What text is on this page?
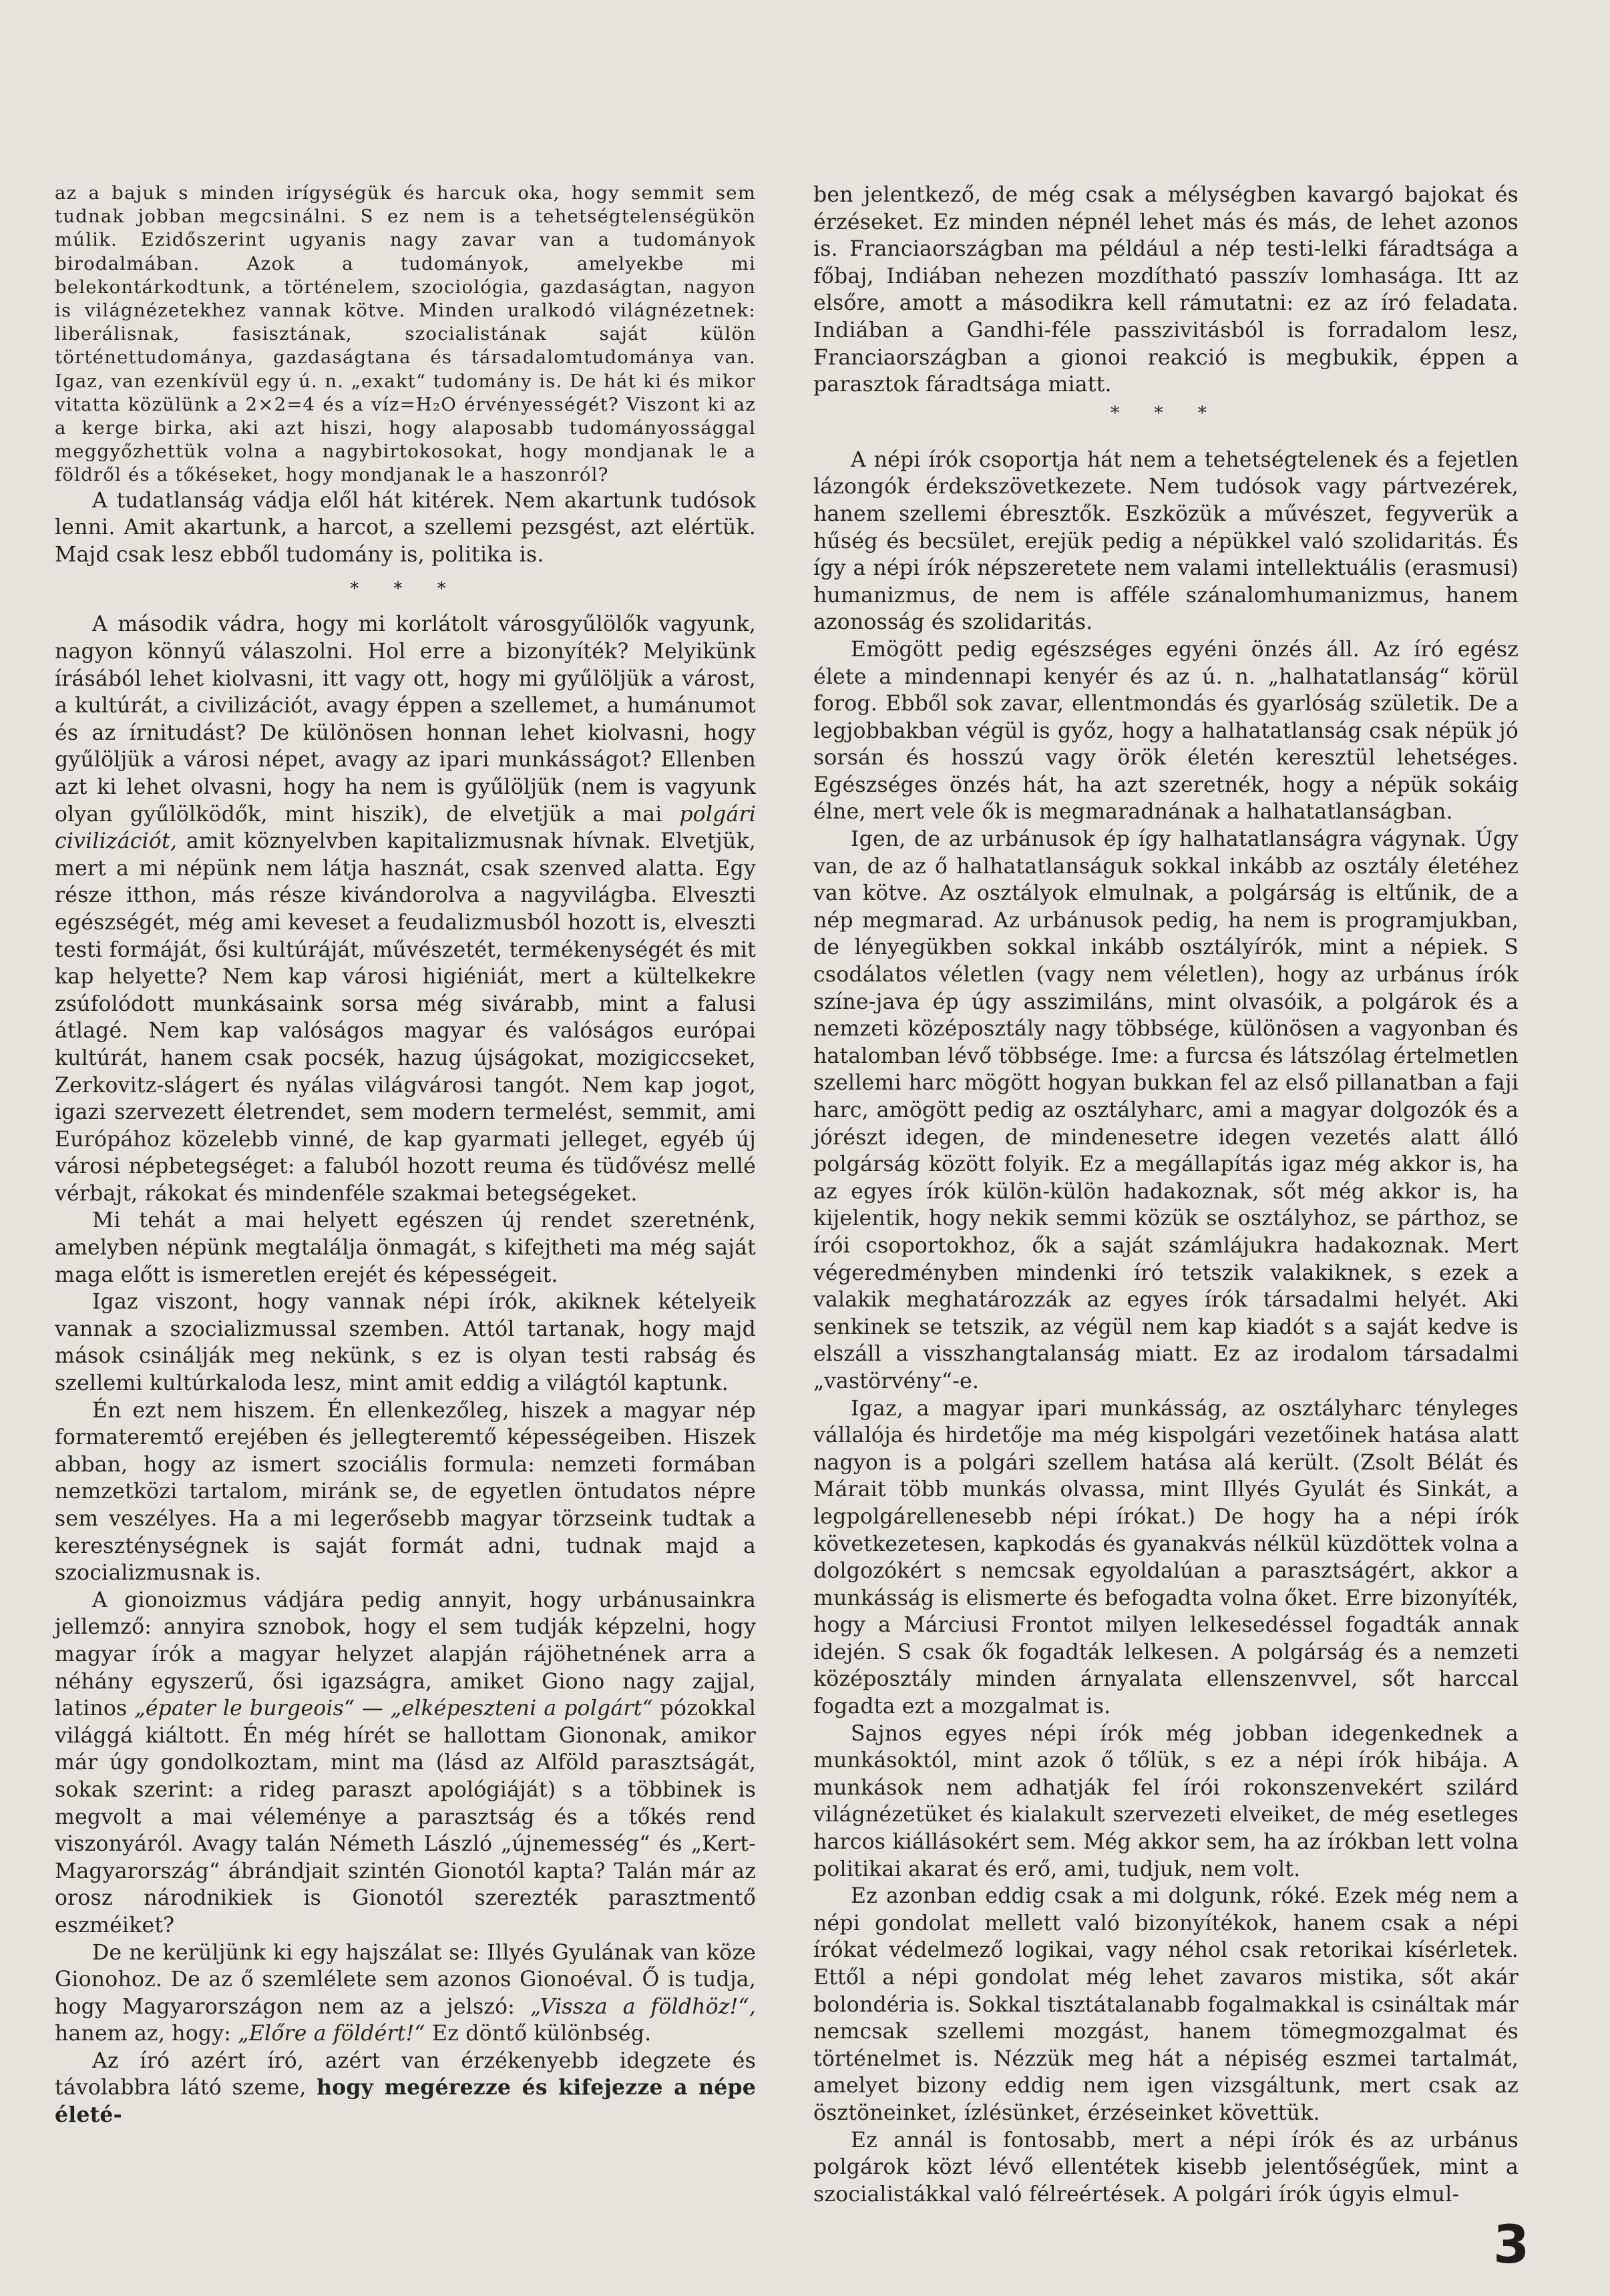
az a bajuk s minden irígységük és harcuk oka, hogy semmit sem tudnak jobban megcsinálni. S ez nem is a tehetségtelenségükön múlik. Ezidőszerint ugyanis nagy zavar van a tudományok birodalmában. Azok a tudományok, amelyekbe mi belekontárkodtunk, a történelem, szociológia, gazdaságtan, nagyon is világnézetekhez vannak kötve. Minden uralkodó világnézetnek: liberálisnak, fasisztának, szocialistának saját külön történettudománya, gazdaságtana és társadalomtudománya van. Igaz, van ezenkívül egy ú. n. „exakt“ tudomány is. De hát ki és mikor vitatta közülünk a 2×2=4 és a víz=H₂O érvényességét? Viszont ki az a kerge birka, aki azt hiszi, hogy alaposabb tudományossággal meggyőzhettük volna a nagybirtokosokat, hogy mondjanak le a földről és a tőkéseket, hogy mondjanak le a haszonról?

A tudatlanság vádja elől hát kitérek. Nem akartunk tudósok lenni. Amit akartunk, a harcot, a szellemi pezsgést, azt elértük. Majd csak lesz ebből tudomány is, politika is.

* * *

A második vádra, hogy mi korlátolt városgyűlölők vagyunk, nagyon könnyű válaszolni. Hol erre a bizonyíték? Melyikünk írásából lehet kiolvasni, itt vagy ott, hogy mi gyűlöljük a várost, a kultúrát, a civilizációt, avagy éppen a szellemet, a humánumot és az írnitudást? De különösen honnan lehet kiolvasni, hogy gyűlöljük a városi népet, avagy az ipari munkásságot? Ellenben azt ki lehet olvasni, hogy ha nem is gyűlöljük (nem is vagyunk olyan gyűlölködők, mint hiszik), de elvetjük a mai polgári civilizációt, amit köznyelvben kapitalizmusnak hívnak. Elvetjük, mert a mi népünk nem látja hasznát, csak szenved alatta. Egy része itthon, más része kivándorolva a nagyvilágba. Elveszti egészségét, még ami keveset a feudalizmusból hozott is, elveszti testi formáját, ősi kultúráját, művészetét, termékenységét és mit kap helyette? Nem kap városi higiéniát, mert a kültelkekre zsúfolódott munkásaink sorsa még sivárabb, mint a falusi átlagé. Nem kap valóságos magyar és valóságos európai kultúrát, hanem csak pocsék, hazug újságokat, mozigiccseket, Zerkovitz-slágert és nyálas világvárosi tangót. Nem kap jogot, igazi szervezett életrendet, sem modern termelést, semmit, ami Európához közelebb vinné, de kap gyarmati jelleget, egyéb új városi népbetegséget: a faluból hozott reuma és tüdővész mellé vérbajt, rákokat és mindenféle szakmai betegségeket.

Mi tehát a mai helyett egészen új rendet szeretnénk, amelyben népünk megtalálja önmagát, s kifejtheti ma még saját maga előtt is ismeretlen erejét és képességeit.

Igaz viszont, hogy vannak népi írók, akiknek kételyeik vannak a szocializmussal szemben. Attól tartanak, hogy majd mások csinálják meg nekünk, s ez is olyan testi rabság és szellemi kultúrkaloda lesz, mint amit eddig a világtól kaptunk.

Én ezt nem hiszem. Én ellenkezőleg, hiszek a magyar nép formateremtő erejében és jellegteremtő képességeiben. Hiszek abban, hogy az ismert szociális formula: nemzeti formában nemzetközi tartalom, miránk se, de egyetlen öntudatos népre sem veszélyes. Ha a mi legerősebb magyar törzseink tudtak a kereszténységnek is saját formát adni, tudnak majd a szocializmusnak is.

A gionoizmus vádjára pedig annyit, hogy urbánusainkra jellemző: annyira sznobok, hogy el sem tudják képzelni, hogy magyar írók a magyar helyzet alapján rájöhetnének arra a néhány egyszerű, ősi igazságra, amiket Giono nagy zajjal, latinos „épater le burgeois“ — „elképeszteni a polgárt“ pózokkal világgá kiáltott. Én még hírét se hallottam Giononak, amikor már úgy gondolkoztam, mint ma (lásd az Alföld parasztságát, sokak szerint: a rideg paraszt apológiáját) s a többinek is megvolt a mai véleménye a parasztság és a tőkés rend viszonyáról. Avagy talán Németh László „újnemesség“ és „Kert-Magyarország“ ábrándjait szintén Gionotól kapta? Talán már az orosz národnikiek is Gionotól szerezték parasztmentő eszméiket?

De ne kerüljünk ki egy hajszálat se: Illyés Gyulának van köze Gionohoz. De az ő szemlélete sem azonos Gionoéval. Ő is tudja, hogy Magyarországon nem az a jelszó: „Vissza a földhöz!“, hanem az, hogy: „Előre a földért!“ Ez döntő különbség.

Az író azért író, azért van érzékenyebb idegzete és távolabbra látó szeme, hogy megérezze és kifejezze a népe életé-

ben jelentkező, de még csak a mélységben kavargó bajokat és érzéseket. Ez minden népnél lehet más és más, de lehet azonos is. Franciaországban ma például a nép testi-lelki fáradtsága a főbaj, Indiában nehezen mozdítható passzív lomhasága. Itt az elsőre, amott a másodikra kell rámutatni: ez az író feladata. Indiában a Gandhi-féle passzivitásból is forradalom lesz, Franciaországban a gionoi reakció is megbukik, éppen a parasztok fáradtsága miatt.

* * *

A népi írók csoportja hát nem a tehetségtelenek és a fejetlen lázongók érdekszövetkezete. Nem tudósok vagy pártvezérek, hanem szellemi ébresztők. Eszközük a művészet, fegyverük a hűség és becsület, erejük pedig a népükkel való szolidaritás. És így a népi írók népszeretete nem valami intellektuális (erasmusi) humanizmus, de nem is afféle szánalomhumanizmus, hanem azonosság és szolidaritás.

Emögött pedig egészséges egyéni önzés áll. Az író egész élete a mindennapi kenyér és az ú. n. „halhatatlanság“ körül forog. Ebből sok zavar, ellentmondás és gyarlóság születik. De a legjobbakban végül is győz, hogy a halhatatlanság csak népük jó sorsán és hosszú vagy örök életén keresztül lehetséges. Egészséges önzés hát, ha azt szeretnék, hogy a népük sokáig élne, mert vele ők is megmaradnának a halhatatlanságban.

Igen, de az urbánusok ép így halhatatlanságra vágynak. Úgy van, de az ő halhatatlanságuk sokkal inkább az osztály életéhez van kötve. Az osztályok elmulnak, a polgárság is eltűnik, de a nép megmarad. Az urbánusok pedig, ha nem is programjukban, de lényegükben sokkal inkább osztályírók, mint a népiek. S csodálatos véletlen (vagy nem véletlen), hogy az urbánus írók színe-java ép úgy asszimiláns, mint olvasóik, a polgárok és a nemzeti középosztály nagy többsége, különösen a vagyonban és hatalomban lévő többsége. Ime: a furcsa és látszólag értelmetlen szellemi harc mögött hogyan bukkan fel az első pillanatban a faji harc, amögött pedig az osztályharc, ami a magyar dolgozók és a jórészt idegen, de mindenesetre idegen vezetés alatt álló polgárság között folyik. Ez a megállapítás igaz még akkor is, ha az egyes írók külön-külön hadakoznak, sőt még akkor is, ha kijelentik, hogy nekik semmi közük se osztályhoz, se párthoz, se írói csoportokhoz, ők a saját számlájukra hadakoznak. Mert végeredményben mindenki író tetszik valakiknek, s ezek a valakik meghatározzák az egyes írók társadalmi helyét. Aki senkinek se tetszik, az végül nem kap kiadót s a saját kedve is elszáll a visszhangtalanság miatt. Ez az irodalom társadalmi „vastörvény“-e.

Igaz, a magyar ipari munkásság, az osztályharc tényleges vállalója és hirdetője ma még kispolgári vezetőinek hatása alatt nagyon is a polgári szellem hatása alá került. (Zsolt Bélát és Márait több munkás olvassa, mint Illyés Gyulát és Sinkát, a legpolgárellenesebb népi írókat.) De hogy ha a népi írók következetesen, kapkodás és gyanakvás nélkül küzdöttek volna a dolgozókért s nemcsak egyoldalúan a parasztságért, akkor a munkásság is elismerte és befogadta volna őket. Erre bizonyíték, hogy a Márciusi Frontot milyen lelkesedéssel fogadták annak idején. S csak ők fogadták lelkesen. A polgárság és a nemzeti középosztály minden árnyalata ellenszenvvel, sőt harccal fogadta ezt a mozgalmat is.

Sajnos egyes népi írók még jobban idegenkednek a munkásoktól, mint azok ő tőlük, s ez a népi írók hibája. A munkások nem adhatják fel írói rokonszenvekért szilárd világnézetüket és kialakult szervezeti elveiket, de még esetleges harcos kiállásokért sem. Még akkor sem, ha az írókban lett volna politikai akarat és erő, ami, tudjuk, nem volt.

Ez azonban eddig csak a mi dolgunk, róké. Ezek még nem a népi gondolat mellett való bizonyítékok, hanem csak a népi írókat védelmező logikai, vagy néhol csak retorikai kísérletek. Ettől a népi gondolat még lehet zavaros mistika, sőt akár bolondéria is. Sokkal tisztátalanabb fogalmakkal is csináltak már nemcsak szellemi mozgást, hanem tömegmozgalmat és történelmet is. Nézzük meg hát a népiség eszmei tartalmát, amelyet bizony eddig nem igen vizsgáltunk, mert csak az ösztöneinket, ízlésünket, érzéseinket követtük.

Ez annál is fontosabb, mert a népi írók és az urbánus polgárok közt lévő ellentétek kisebb jelentőségűek, mint a szocialistákkal való félreértések. A polgári írók úgyis elmul-

3
